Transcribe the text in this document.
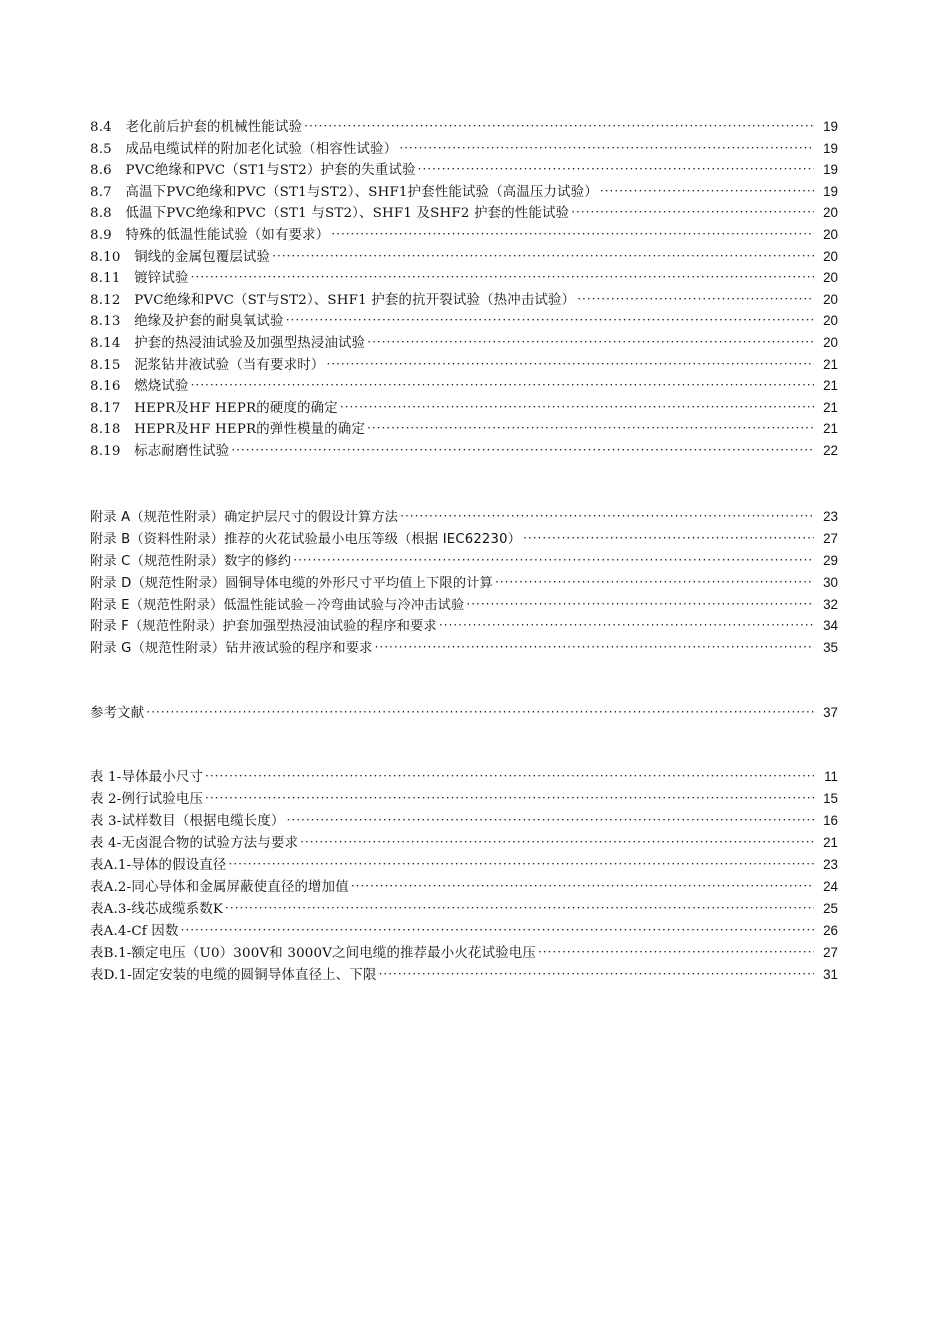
8.4　老化前后护套的机械性能试验 ·····	19
8.5　成品电缆试样的附加老化试验（相容性试验） ·····	19
8.6　PVC绝缘和PVC（ST1与ST2）护套的失重试验 ·····	19
8.7　高温下PVC绝缘和PVC（ST1与ST2）、SHF1护套性能试验（高温压力试验） ·····	19
8.8　低温下PVC绝缘和PVC（ST1 与ST2）、SHF1 及SHF2 护套的性能试验 ·····	20
8.9　特殊的低温性能试验（如有要求） ·····	20
8.10　铜线的金属包覆层试验 ·····	20
8.11　镀锌试验 ·····	20
8.12　PVC绝缘和PVC（ST与ST2）、SHF1 护套的抗开裂试验（热冲击试验） ·····	20
8.13　绝缘及护套的耐臭氧试验 ·····	20
8.14　护套的热浸油试验及加强型热浸油试验 ·····	20
8.15　泥浆钻井液试验（当有要求时） ·····	21
8.16　燃烧试验 ·····	21
8.17　HEPR及HF HEPR的硬度的确定 ·····	21
8.18　HEPR及HF HEPR的弹性模量的确定 ·····	21
8.19　标志耐磨性试验 ·····	22
附录 A（规范性附录）确定护层尺寸的假设计算方法 ·····	23
附录 B（资料性附录）推荐的火花试验最小电压等级（根据 IEC62230） ·····	27
附录 C（规范性附录）数字的修约 ·····	29
附录 D（规范性附录）圆铜导体电缆的外形尺寸平均值上下限的计算 ·····	30
附录 E（规范性附录）低温性能试验－冷弯曲试验与冷冲击试验 ·····	32
附录 F（规范性附录）护套加强型热浸油试验的程序和要求 ·····	34
附录 G（规范性附录）钻井液试验的程序和要求 ·····	35
参考文献 ·····	37
表 1-导体最小尺寸 ·····	11
表 2-例行试验电压 ·····	15
表 3-试样数目（根据电缆长度） ·····	16
表 4-无卤混合物的试验方法与要求 ·····	21
表A.1-导体的假设直径 ·····	23
表A.2-同心导体和金属屏蔽使直径的增加值 ·····	24
表A.3-线芯成缆系数K ·····	25
表A.4-Cf 因数 ·····	26
表B.1-额定电压（U0）300V和 3000V之间电缆的推荐最小火花试验电压 ·····	27
表D.1-固定安装的电缆的圆铜导体直径上、下限 ·····	31
